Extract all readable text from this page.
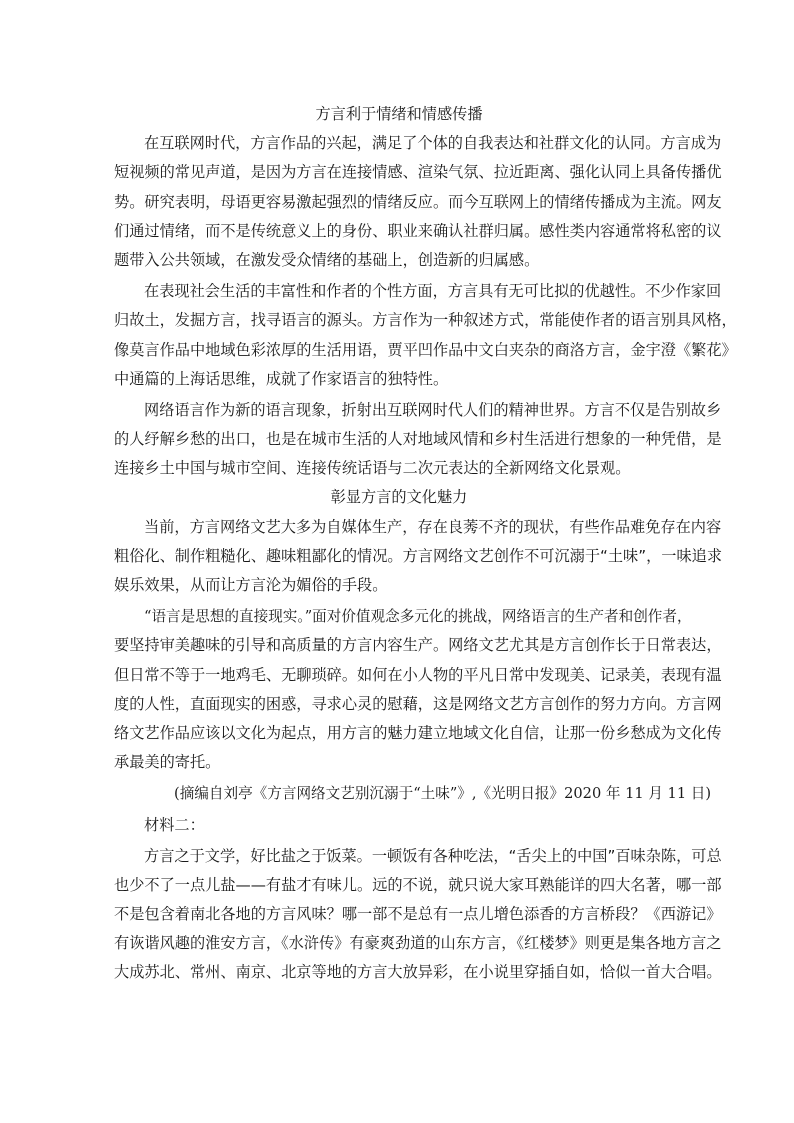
方言利于情绪和情感传播
在互联网时代，方言作品的兴起，满足了个体的自我表达和社群文化的认同。方言成为
短视频的常见声道，是因为方言在连接情感、渲染气氛、拉近距离、强化认同上具备传播优
势。研究表明，母语更容易激起强烈的情绪反应。而今互联网上的情绪传播成为主流。网友
们通过情绪，而不是传统意义上的身份、职业来确认社群归属。感性类内容通常将私密的议
题带入公共领域，在激发受众情绪的基础上，创造新的归属感。
在表现社会生活的丰富性和作者的个性方面，方言具有无可比拟的优越性。不少作家回
归故土，发掘方言，找寻语言的源头。方言作为一种叙述方式，常能使作者的语言别具风格，
像莫言作品中地域色彩浓厚的生活用语，贾平凹作品中文白夹杂的商洛方言，金宇澄《繁花》
中通篇的上海话思维，成就了作家语言的独特性。
网络语言作为新的语言现象，折射出互联网时代人们的精神世界。方言不仅是告别故乡
的人纾解乡愁的出口，也是在城市生活的人对地域风情和乡村生活进行想象的一种凭借，是
连接乡土中国与城市空间、连接传统话语与二次元表达的全新网络文化景观。
彰显方言的文化魅力
当前，方言网络文艺大多为自媒体生产，存在良莠不齐的现状，有些作品难免存在内容
粗俗化、制作粗糙化、趣味粗鄙化的情况。方言网络文艺创作不可沉溺于“土味”，一味追求
娱乐效果，从而让方言沦为媚俗的手段。
“语言是思想的直接现实。”面对价值观念多元化的挑战，网络语言的生产者和创作者，
要坚持审美趣味的引导和高质量的方言内容生产。网络文艺尤其是方言创作长于日常表达，
但日常不等于一地鸡毛、无聊琐碎。如何在小人物的平凡日常中发现美、记录美，表现有温
度的人性，直面现实的困惑，寻求心灵的慰藉，这是网络文艺方言创作的努力方向。方言网
络文艺作品应该以文化为起点，用方言的魅力建立地域文化自信，让那一份乡愁成为文化传
承最美的寄托。
(摘编自刘亭《方言网络文艺别沉溺于“土味”》,《光明日报》2020 年 11 月 11 日)
材料二：
方言之于文学，好比盐之于饭菜。一顿饭有各种吃法，“舌尖上的中国”百味杂陈，可总
也少不了一点儿盐——有盐才有味儿。远的不说，就只说大家耳熟能详的四大名著，哪一部
不是包含着南北各地的方言风味？哪一部不是总有一点儿增色添香的方言桥段？《西游记》
有诙谐风趣的淮安方言，《水浒传》有豪爽劲道的山东方言，《红楼梦》则更是集各地方言之
大成苏北、常州、南京、北京等地的方言大放异彩，在小说里穿插自如，恰似一首大合唱。
